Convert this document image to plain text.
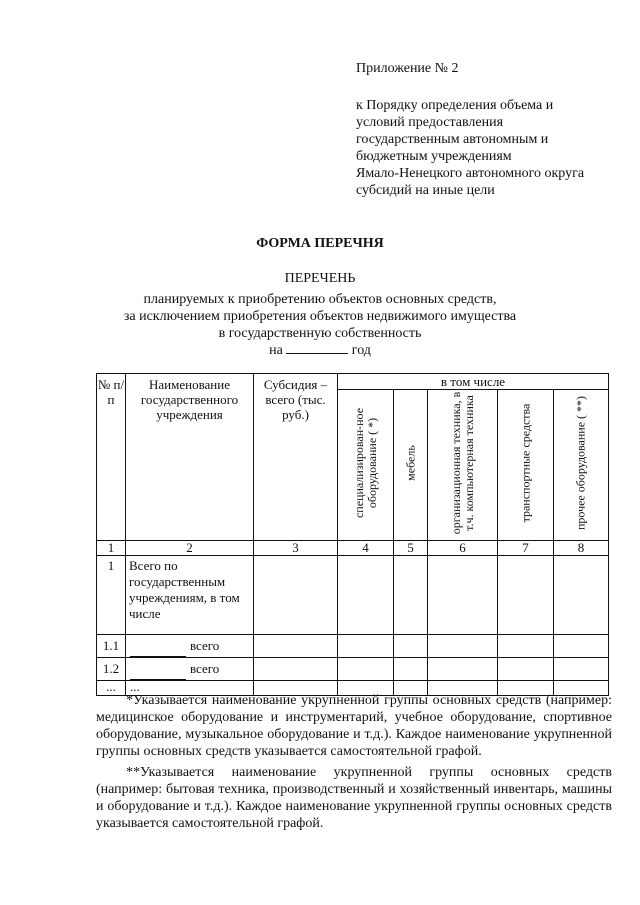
Приложение № 2
к Порядку определения объема и
условий предоставления
государственным автономным и
бюджетным учреждениям
Ямало-Ненецкого автономного округа
субсидий на иные цели
ФОРМА ПЕРЕЧНЯ
ПЕРЕЧЕНЬ
планируемых к приобретению объектов основных средств,
за исключением приобретения объектов недвижимого имущества
в государственную собственность
на	год
№ п/п	Наименование государственного учреждения	Субсидия – всего (тыс. руб.)	в том числе				

			специализирован-ное оборудование ( *)	мебель	организационная техника, в т.ч. компьютерная техника	транспортные средства	прочее оборудование ( **)

1	2	3	4	5	6	7	8
1	Всего по государственным учреждениям, в том числе						
1.1	всего						
1.2	всего						
...	...						

*Указывается наименование укрупненной группы основных средств (например: медицинское оборудование и инструментарий, учебное оборудование, спортивное оборудование, музыкальное оборудование и т.д.). Каждое наименование укрупненной группы основных средств указывается самостоятельной графой.

**Указывается наименование укрупненной группы основных средств (например: бытовая техника, производственный и хозяйственный инвентарь, машины и оборудование и т.д.). Каждое наименование укрупненной группы основных средств указывается самостоятельной графой.
